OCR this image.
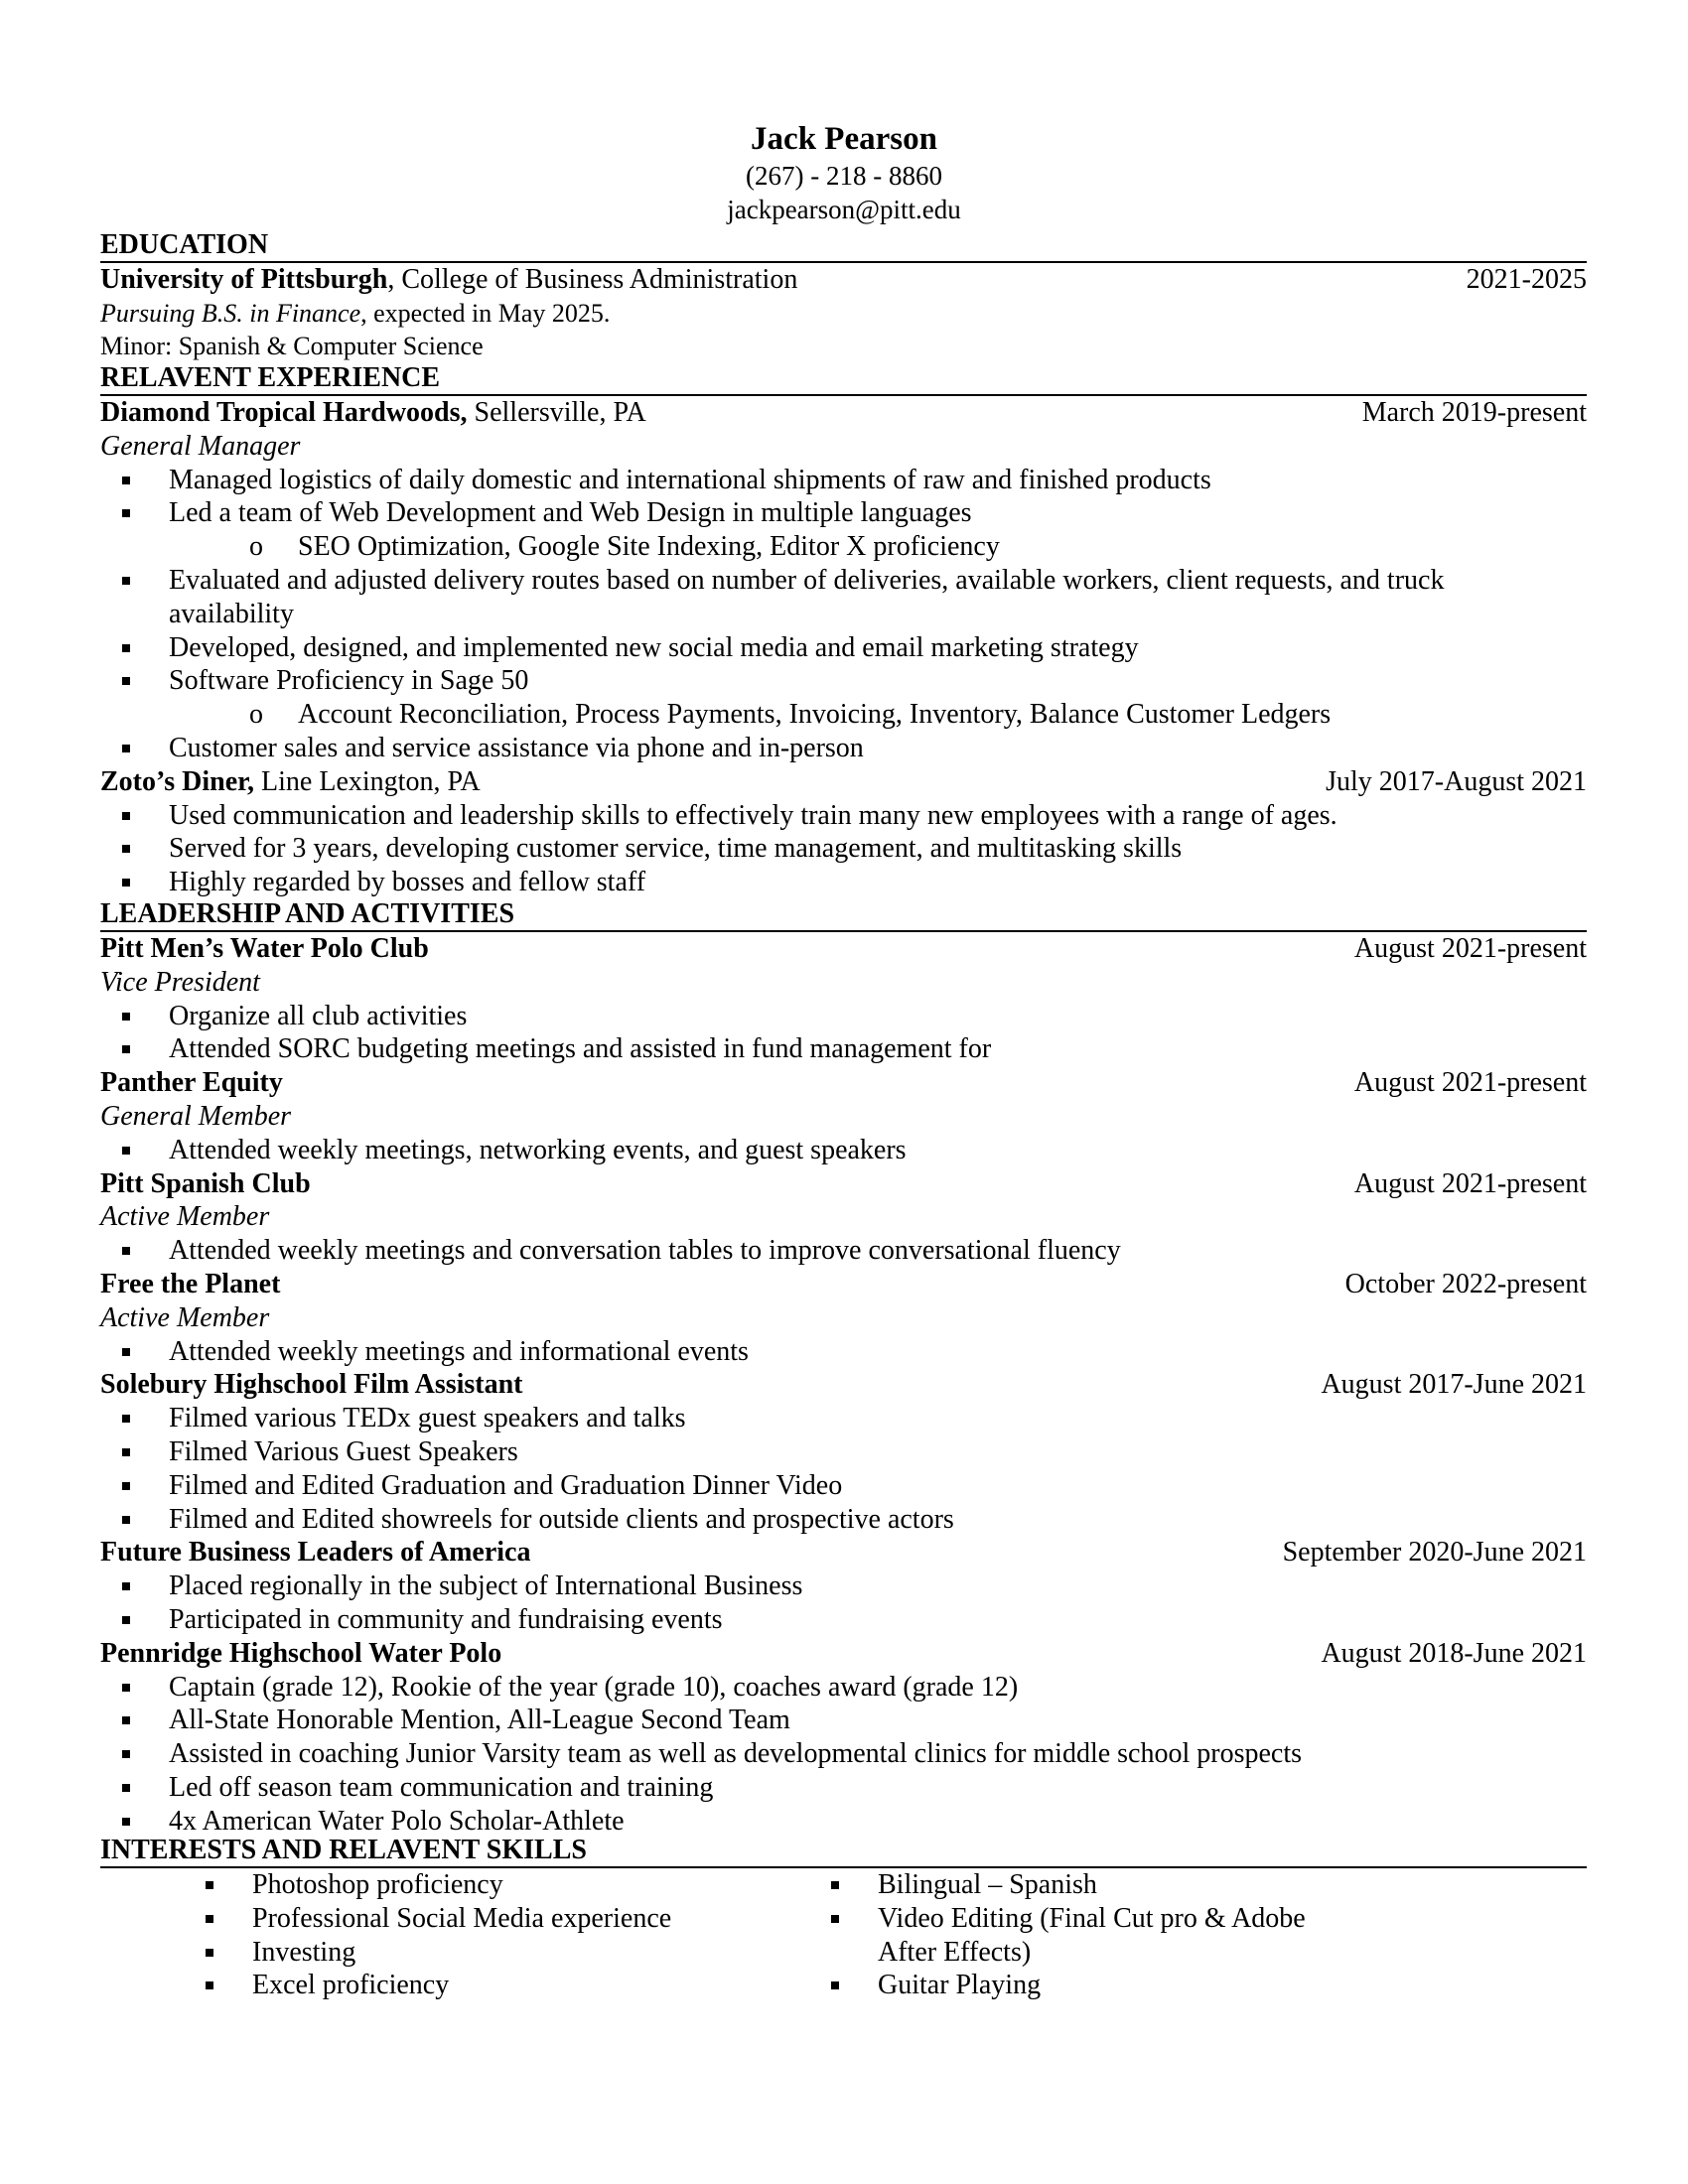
Jack Pearson
(267) - 218 - 8860
jackpearson@pitt.edu
EDUCATION
University of Pittsburgh, College of Business Administration	2021-2025
Pursuing B.S. in Finance, expected in May 2025.
Minor: Spanish & Computer Science
RELAVENT EXPERIENCE
Diamond Tropical Hardwoods, Sellersville, PA	March 2019-present
General Manager
Managed logistics of daily domestic and international shipments of raw and finished products
Led a team of Web Development and Web Design in multiple languages
o SEO Optimization, Google Site Indexing, Editor X proficiency
Evaluated and adjusted delivery routes based on number of deliveries, available workers, client requests, and truck availability
Developed, designed, and implemented new social media and email marketing strategy
Software Proficiency in Sage 50
o Account Reconciliation, Process Payments, Invoicing, Inventory, Balance Customer Ledgers
Customer sales and service assistance via phone and in-person
Zoto’s Diner, Line Lexington, PA	July 2017-August 2021
Used communication and leadership skills to effectively train many new employees with a range of ages.
Served for 3 years, developing customer service, time management, and multitasking skills
Highly regarded by bosses and fellow staff
LEADERSHIP AND ACTIVITIES
Pitt Men’s Water Polo Club	August 2021-present
Vice President
Organize all club activities
Attended SORC budgeting meetings and assisted in fund management for
Panther Equity	August 2021-present
General Member
Attended weekly meetings, networking events, and guest speakers
Pitt Spanish Club	August 2021-present
Active Member
Attended weekly meetings and conversation tables to improve conversational fluency
Free the Planet	October 2022-present
Active Member
Attended weekly meetings and informational events
Solebury Highschool Film Assistant	August 2017-June 2021
Filmed various TEDx guest speakers and talks
Filmed Various Guest Speakers
Filmed and Edited Graduation and Graduation Dinner Video
Filmed and Edited showreels for outside clients and prospective actors
Future Business Leaders of America	September 2020-June 2021
Placed regionally in the subject of International Business
Participated in community and fundraising events
Pennridge Highschool Water Polo	August 2018-June 2021
Captain (grade 12), Rookie of the year (grade 10), coaches award (grade 12)
All-State Honorable Mention, All-League Second Team
Assisted in coaching Junior Varsity team as well as developmental clinics for middle school prospects
Led off season team communication and training
4x American Water Polo Scholar-Athlete
INTERESTS AND RELAVENT SKILLS
Photoshop proficiency
Professional Social Media experience
Investing
Excel proficiency
Bilingual – Spanish
Video Editing (Final Cut pro & Adobe After Effects)
Guitar Playing
